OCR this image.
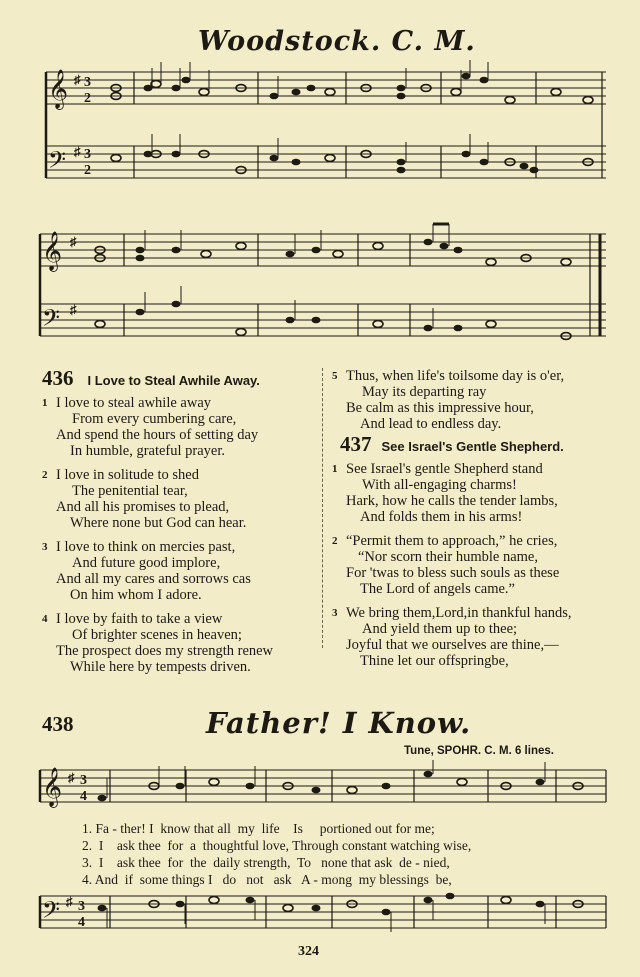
Woodstock. C. M.
𝄞
𝄢
♯
♯
3
2
3
2
𝄞
𝄢
♯
♯
436 I Love to Steal Awhile Away.
1 I love to steal awhile away
From every cumbering care,
And spend the hours of setting day
In humble, grateful prayer.
2 I love in solitude to shed
The penitential tear,
And all his promises to plead,
Where none but God can hear.
3 I love to think on mercies past,
And future good implore,
And all my cares and sorrows cas
On him whom I adore.
4 I love by faith to take a view
Of brighter scenes in heaven;
The prospect does my strength renew
While here by tempests driven.
5 Thus, when life's toilsome day is o'er,
May its departing ray
Be calm as this impressive hour,
And lead to endless day.
437 See Israel's Gentle Shepherd.
1 See Israel's gentle Shepherd stand
With all-engaging charms!
Hark, how he calls the tender lambs,
And folds them in his arms!
2 “Permit them to approach,” he cries,
“Nor scorn their humble name,
For 'twas to bless such souls as these
The Lord of angels came.”
3 We bring them,Lord,in thankful hands,
And yield them up to thee;
Joyful that we ourselves are thine,—
Thine let our offspringbe,
438	Father! I Know.
Tune, SPOHR. C. M. 6 lines.
𝄞 ♯ 3
4
1. Fa - ther! I  know that all  my  life    Is     portioned out for me;
2.  I    ask thee  for  a  thoughtful love, Through constant watching wise,
3.  I    ask thee  for  the  daily strength,  To   none that ask  de - nied,
4. And  if  some things I   do   not   ask   A - mong  my blessings  be,
𝄢 ♯ 3
4
324
